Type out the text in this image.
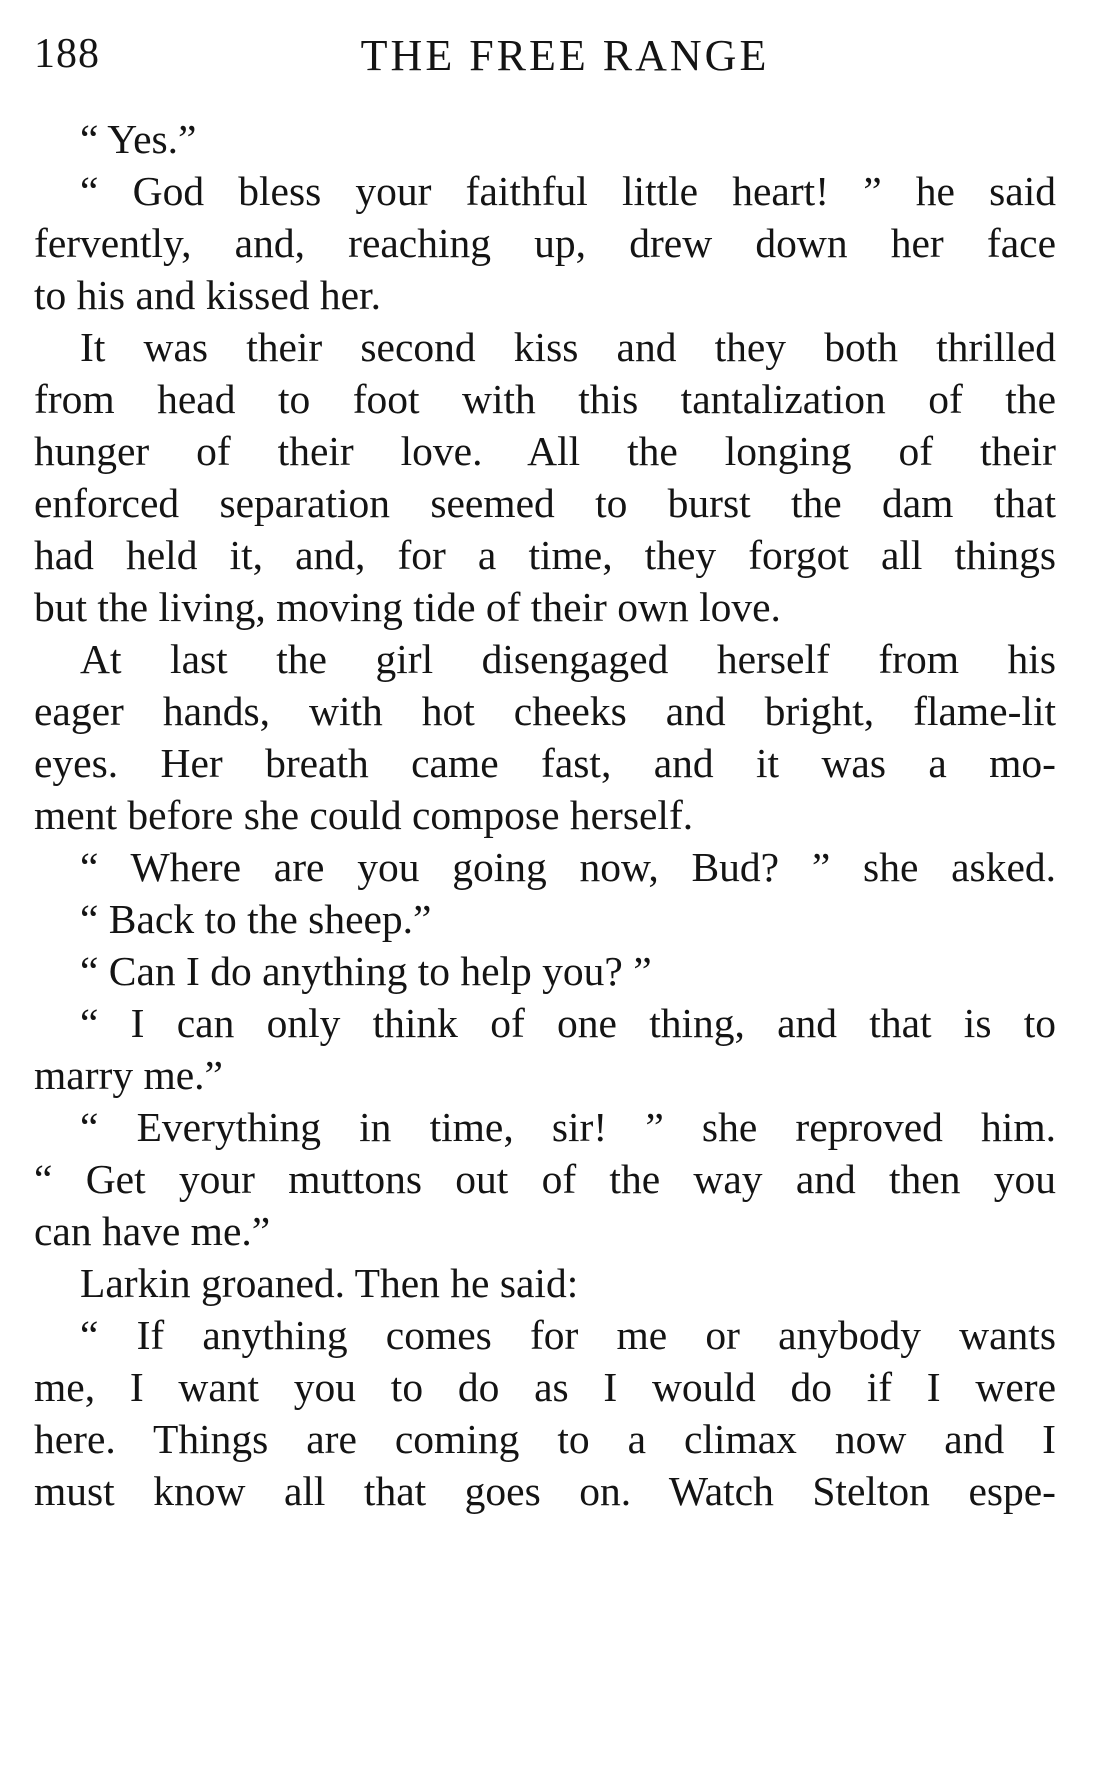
188	THE FREE RANGE
“ Yes.”
“ God bless your faithful little heart! ” he said
fervently, and, reaching up, drew down her face
to his and kissed her.
It was their second kiss and they both thrilled
from head to foot with this tantalization of the
hunger of their love. All the longing of their
enforced separation seemed to burst the dam that
had held it, and, for a time, they forgot all things
but the living, moving tide of their own love.
At last the girl disengaged herself from his
eager hands, with hot cheeks and bright, flame-lit
eyes. Her breath came fast, and it was a mo-
ment before she could compose herself.
“ Where are you going now, Bud? ” she asked.
“ Back to the sheep.”
“ Can I do anything to help you? ”
“ I can only think of one thing, and that is to
marry me.”
“ Everything in time, sir! ” she reproved him.
“ Get your muttons out of the way and then you
can have me.”
Larkin groaned. Then he said:
“ If anything comes for me or anybody wants
me, I want you to do as I would do if I were
here. Things are coming to a climax now and I
must know all that goes on. Watch Stelton espe-
